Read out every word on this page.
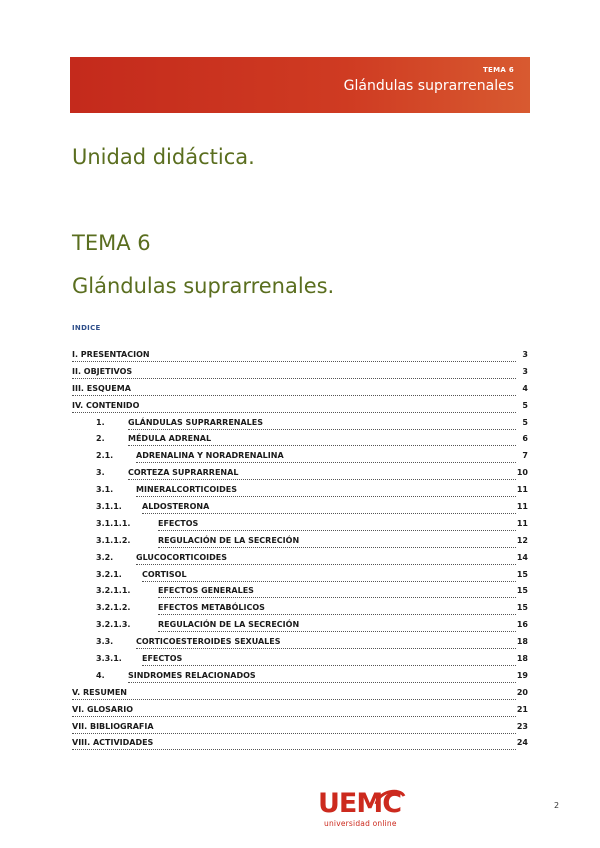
TEMA 6
Glándulas suprarrenales
Unidad didáctica.
TEMA 6
Glándulas suprarrenales.
INDICE
I. PRESENTACION	3
II. OBJETIVOS	3
III. ESQUEMA	4
IV. CONTENIDO	5
1.	GLÁNDULAS SUPRARRENALES	5
2.	MÉDULA ADRENAL	6
2.1.	ADRENALINA Y NORADRENALINA	7
3.	CORTEZA SUPRARRENAL	10
3.1.	MINERALCORTICOIDES	11
3.1.1.	ALDOSTERONA	11
3.1.1.1.	EFECTOS	11
3.1.1.2.	REGULACIÓN DE LA SECRECIÓN	12
3.2.	GLUCOCORTICOIDES	14
3.2.1.	CORTISOL	15
3.2.1.1.	EFECTOS GENERALES	15
3.2.1.2.	EFECTOS METABÓLICOS	15
3.2.1.3.	REGULACIÓN DE LA SECRECIÓN	16
3.3.	CORTICOESTEROIDES SEXUALES	18
3.3.1.	EFECTOS	18
4.	SINDROMES RELACIONADOS	19
V. RESUMEN	20
VI. GLOSARIO	21
VII. BIBLIOGRAFIA	23
VIII. ACTIVIDADES	24
UEMC
universidad online
2
